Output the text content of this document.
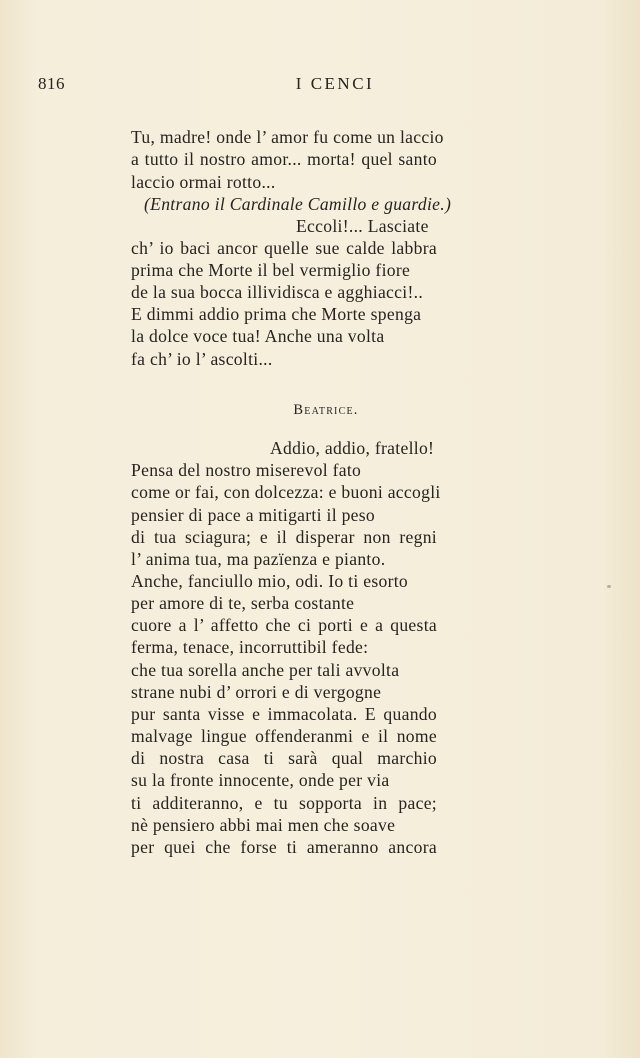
816	I CENCI
Tu, madre! onde l’ amor fu come un laccio
a tutto il nostro amor... morta! quel santo
laccio ormai rotto...
(Entrano il Cardinale Camillo e guardie.)
Eccoli!... Lasciate
ch’ io baci ancor quelle sue calde labbra
prima che Morte il bel vermiglio fiore
de la sua bocca illividisca e agghiacci!..
E dimmi addio prima che Morte spenga
la dolce voce tua! Anche una volta
fa ch’ io l’ ascolti...
Beatrice.
Addio, addio, fratello!
Pensa del nostro miserevol fato
come or fai, con dolcezza: e buoni accogli
pensier di pace a mitigarti il peso
di tua sciagura; e il disperar non regni
l’ anima tua, ma pazïenza e pianto.
Anche, fanciullo mio, odi. Io ti esorto
per amore di te, serba costante
cuore a l’ affetto che ci porti e a questa
ferma, tenace, incorruttibil fede:
che tua sorella anche per tali avvolta
strane nubi d’ orrori e di vergogne
pur santa visse e immacolata. E quando
malvage lingue offenderanmi e il nome
di nostra casa ti sarà qual marchio
su la fronte innocente, onde per via
ti additeranno, e tu sopporta in pace;
nè pensiero abbi mai men che soave
per quei che forse ti ameranno ancora
